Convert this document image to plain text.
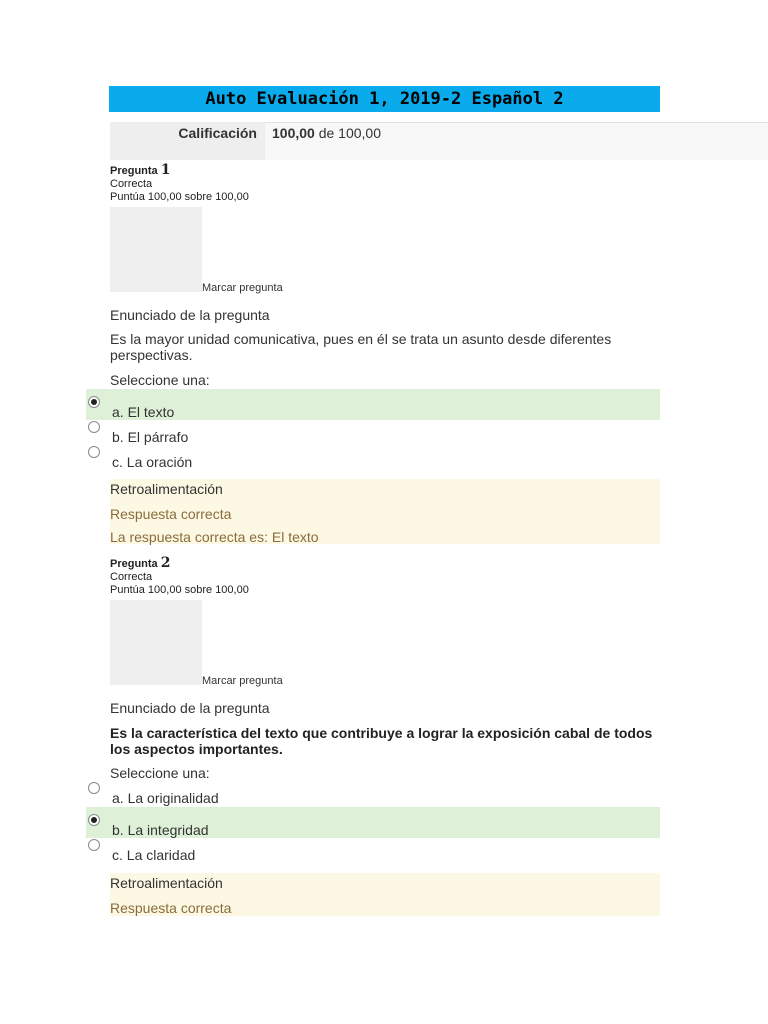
Auto Evaluación 1, 2019-2 Español 2
Calificación	100,00 de 100,00
Pregunta 1
Correcta
Puntúa 100,00 sobre 100,00
Marcar pregunta
Enunciado de la pregunta
Es la mayor unidad comunicativa, pues en él se trata un asunto desde diferentes perspectivas.
Seleccione una:
a. El texto
b. El párrafo
c. La oración
Retroalimentación
Respuesta correcta
La respuesta correcta es: El texto
Pregunta 2
Correcta
Puntúa 100,00 sobre 100,00
Marcar pregunta
Enunciado de la pregunta
Es la característica del texto que contribuye a lograr la exposición cabal de todos los aspectos importantes.
Seleccione una:
a. La originalidad
b. La integridad
c. La claridad
Retroalimentación
Respuesta correcta
